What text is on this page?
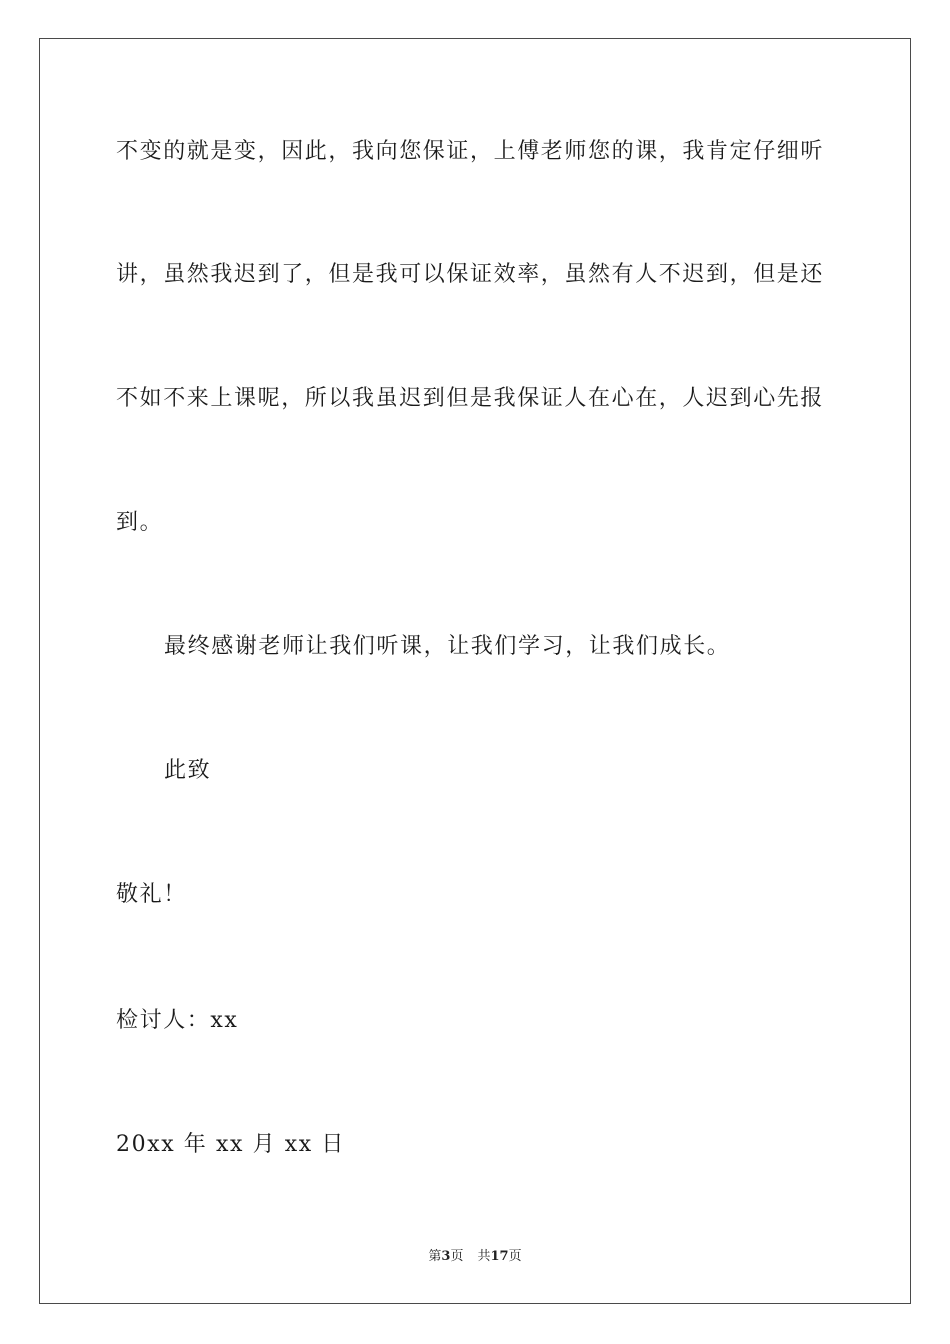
不变的就是变，因此，我向您保证，上傅老师您的课，我肯定仔细听
讲，虽然我迟到了，但是我可以保证效率，虽然有人不迟到，但是还
不如不来上课呢，所以我虽迟到但是我保证人在心在，人迟到心先报
到。
最终感谢老师让我们听课，让我们学习，让我们成长。
此致
敬礼！
检讨人：xx
20xx 年 xx 月 xx 日
第3页 共17页
